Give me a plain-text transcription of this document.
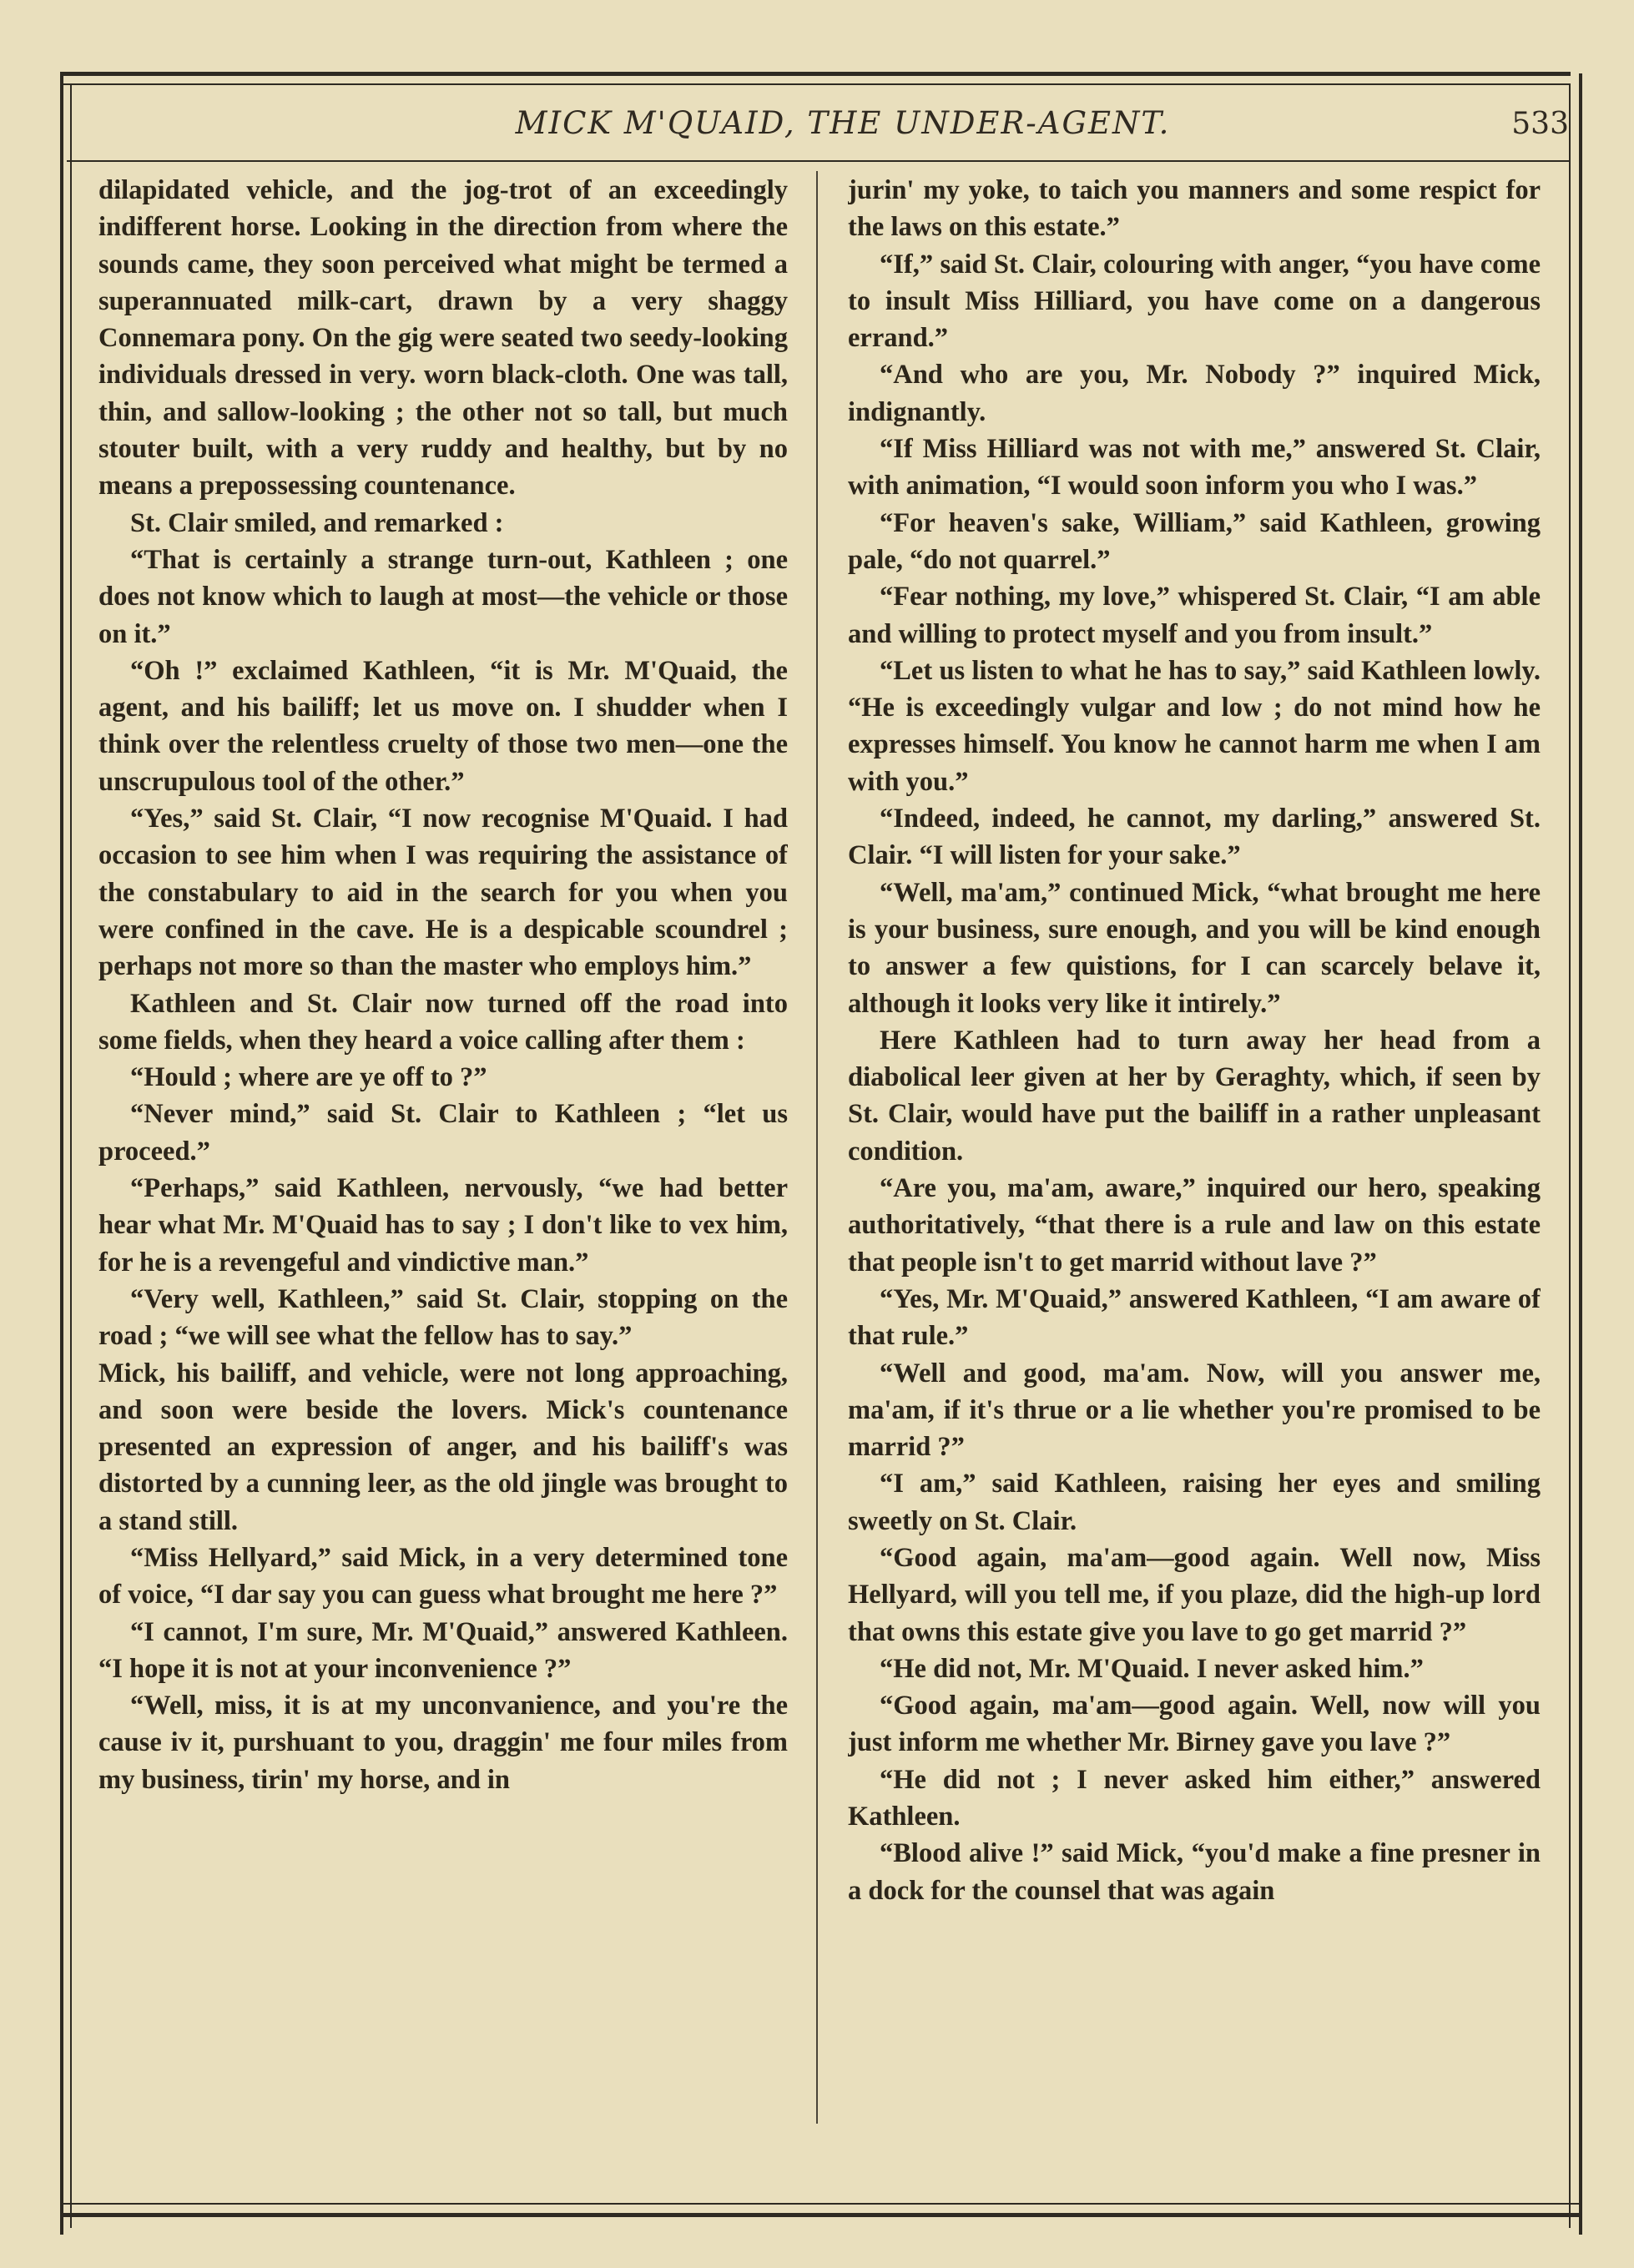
MICK M'QUAID, THE UNDER-AGENT.	533

dilapidated vehicle, and the jog-trot of an exceedingly indifferent horse. Looking in the direction from where the sounds came, they soon perceived what might be termed a superannuated milk-cart, drawn by a very shaggy Connemara pony. On the gig were seated two seedy-looking individuals dressed in very. worn black-cloth. One was tall, thin, and sallow-looking ; the other not so tall, but much stouter built, with a very ruddy and healthy, but by no means a prepossessing countenance.

St. Clair smiled, and remarked :

“That is certainly a strange turn-out, Kathleen ; one does not know which to laugh at most—the vehicle or those on it.”

“Oh !” exclaimed Kathleen, “it is Mr. M'Quaid, the agent, and his bailiff; let us move on. I shudder when I think over the relentless cruelty of those two men—one the unscrupulous tool of the other.”

“Yes,” said St. Clair, “I now recognise M'Quaid. I had occasion to see him when I was requiring the assistance of the constabulary to aid in the search for you when you were confined in the cave. He is a despicable scoundrel ; perhaps not more so than the master who employs him.”

Kathleen and St. Clair now turned off the road into some fields, when they heard a voice calling after them :

“Hould ; where are ye off to ?”

“Never mind,” said St. Clair to Kathleen ; “let us proceed.”

“Perhaps,” said Kathleen, nervously, “we had better hear what Mr. M'Quaid has to say ; I don't like to vex him, for he is a revengeful and vindictive man.”

“Very well, Kathleen,” said St. Clair, stopping on the road ; “we will see what the fellow has to say.”

Mick, his bailiff, and vehicle, were not long approaching, and soon were beside the lovers. Mick's countenance presented an expression of anger, and his bailiff's was distorted by a cunning leer, as the old jingle was brought to a stand still.

“Miss Hellyard,” said Mick, in a very determined tone of voice, “I dar say you can guess what brought me here ?”

“I cannot, I'm sure, Mr. M'Quaid,” answered Kathleen. “I hope it is not at your inconvenience ?”

“Well, miss, it is at my unconvanience, and you're the cause iv it, purshuant to you, draggin' me four miles from my business, tirin' my horse, and in

jurin' my yoke, to taich you manners and some respict for the laws on this estate.”

“If,” said St. Clair, colouring with anger, “you have come to insult Miss Hilliard, you have come on a dangerous errand.”

“And who are you, Mr. Nobody ?” inquired Mick, indignantly.

“If Miss Hilliard was not with me,” answered St. Clair, with animation, “I would soon inform you who I was.”

“For heaven's sake, William,” said Kathleen, growing pale, “do not quarrel.”

“Fear nothing, my love,” whispered St. Clair, “I am able and willing to protect myself and you from insult.”

“Let us listen to what he has to say,” said Kathleen lowly. “He is exceedingly vulgar and low ; do not mind how he expresses himself. You know he cannot harm me when I am with you.”

“Indeed, indeed, he cannot, my darling,” answered St. Clair. “I will listen for your sake.”

“Well, ma'am,” continued Mick, “what brought me here is your business, sure enough, and you will be kind enough to answer a few quistions, for I can scarcely belave it, although it looks very like it intirely.”

Here Kathleen had to turn away her head from a diabolical leer given at her by Geraghty, which, if seen by St. Clair, would have put the bailiff in a rather unpleasant condition.

“Are you, ma'am, aware,” inquired our hero, speaking authoritatively, “that there is a rule and law on this estate that people isn't to get marrid without lave ?”

“Yes, Mr. M'Quaid,” answered Kathleen, “I am aware of that rule.”

“Well and good, ma'am. Now, will you answer me, ma'am, if it's thrue or a lie whether you're promised to be marrid ?”

“I am,” said Kathleen, raising her eyes and smiling sweetly on St. Clair.

“Good again, ma'am—good again. Well now, Miss Hellyard, will you tell me, if you plaze, did the high-up lord that owns this estate give you lave to go get marrid ?”

“He did not, Mr. M'Quaid. I never asked him.”

“Good again, ma'am—good again. Well, now will you just inform me whether Mr. Birney gave you lave ?”

“He did not ; I never asked him either,” answered Kathleen.

“Blood alive !” said Mick, “you'd make a fine presner in a dock for the counsel that was again
